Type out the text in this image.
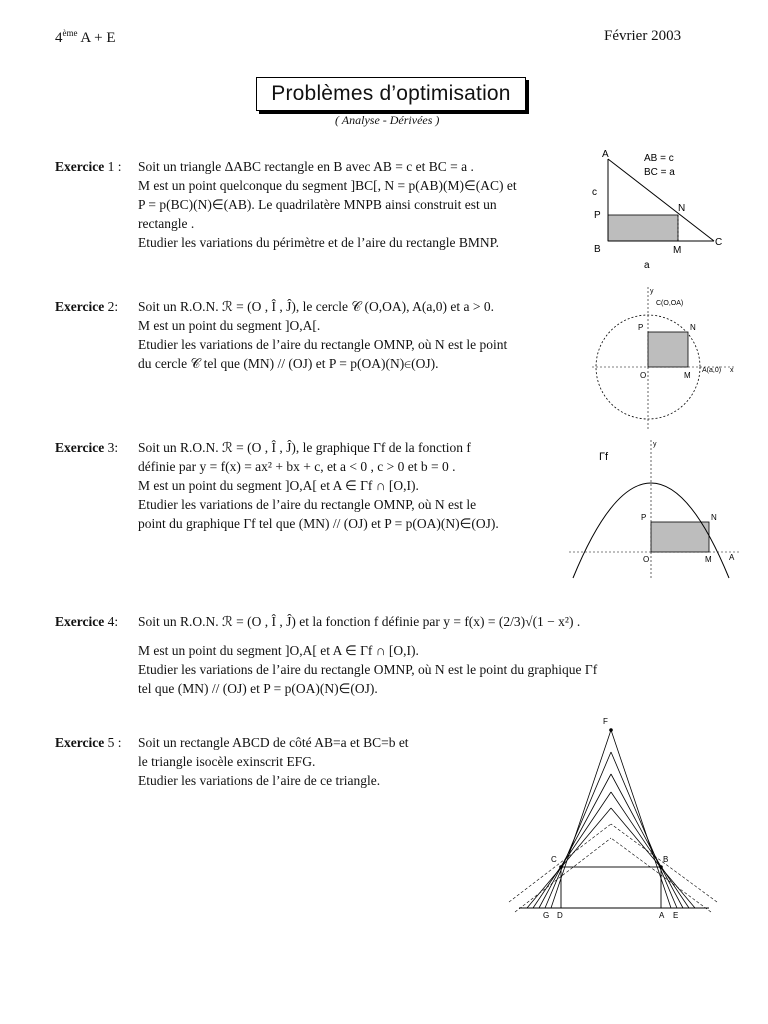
4ème A + E	Février 2003
Problèmes d’optimisation
( Analyse - Dérivées )
Exercice 1 : Soit un triangle ΔABC rectangle en B avec AB = c et BC = a .
M est un point quelconque du segment ]BC[, N = p(AB)(M)∈(AC) et
P = p(BC)(N)∈(AB). Le quadrilatère MNPB ainsi construit est un
rectangle .
Etudier les variations du périmètre et de l’aire du rectangle BMNP.
A
B
C
M
N
P
a
c
AB = c
BC = a
Exercice 2: Soit un R.O.N. ℛ = (O , Î , Ĵ), le cercle 𝒞 (O,OA), A(a,0) et a > 0.
M est un point du segment ]O,A[.
Etudier les variations de l’aire du rectangle OMNP, où N est le point
du cercle 𝒞 tel que (MN) // (OJ) et P = p(OA)(N)∈(OJ).
y
C(O,OA)
P	N
O	M
A(a,0) x
Exercice 3: Soit un R.O.N. ℛ = (O , Î , Ĵ), le graphique Γf de la fonction f
définie par y = f(x) = ax² + bx + c, et a < 0 , c > 0 et b = 0 .
M est un point du segment ]O,A[ et A ∈ Γf ∩ [O,I).
Etudier les variations de l’aire du rectangle OMNP, où N est le
point du graphique Γf tel que (MN) // (OJ) et P = p(OA)(N)∈(OJ).
y
Γf
P	N
O	M A
Exercice 4: Soit un R.O.N. ℛ = (O , Î , Ĵ) et la fonction f définie par y = f(x) = (2/3)√(1 − x²) .
M est un point du segment ]O,A[ et A ∈ Γf ∩ [O,I).
Etudier les variations de l’aire du rectangle OMNP, où N est le point du graphique Γf
tel que (MN) // (OJ) et P = p(OA)(N)∈(OJ).
Exercice 5 : Soit un rectangle ABCD de côté AB=a et BC=b et
le triangle isocèle exinscrit EFG.
Etudier les variations de l’aire de ce triangle.
F
C	B
G D	A E
